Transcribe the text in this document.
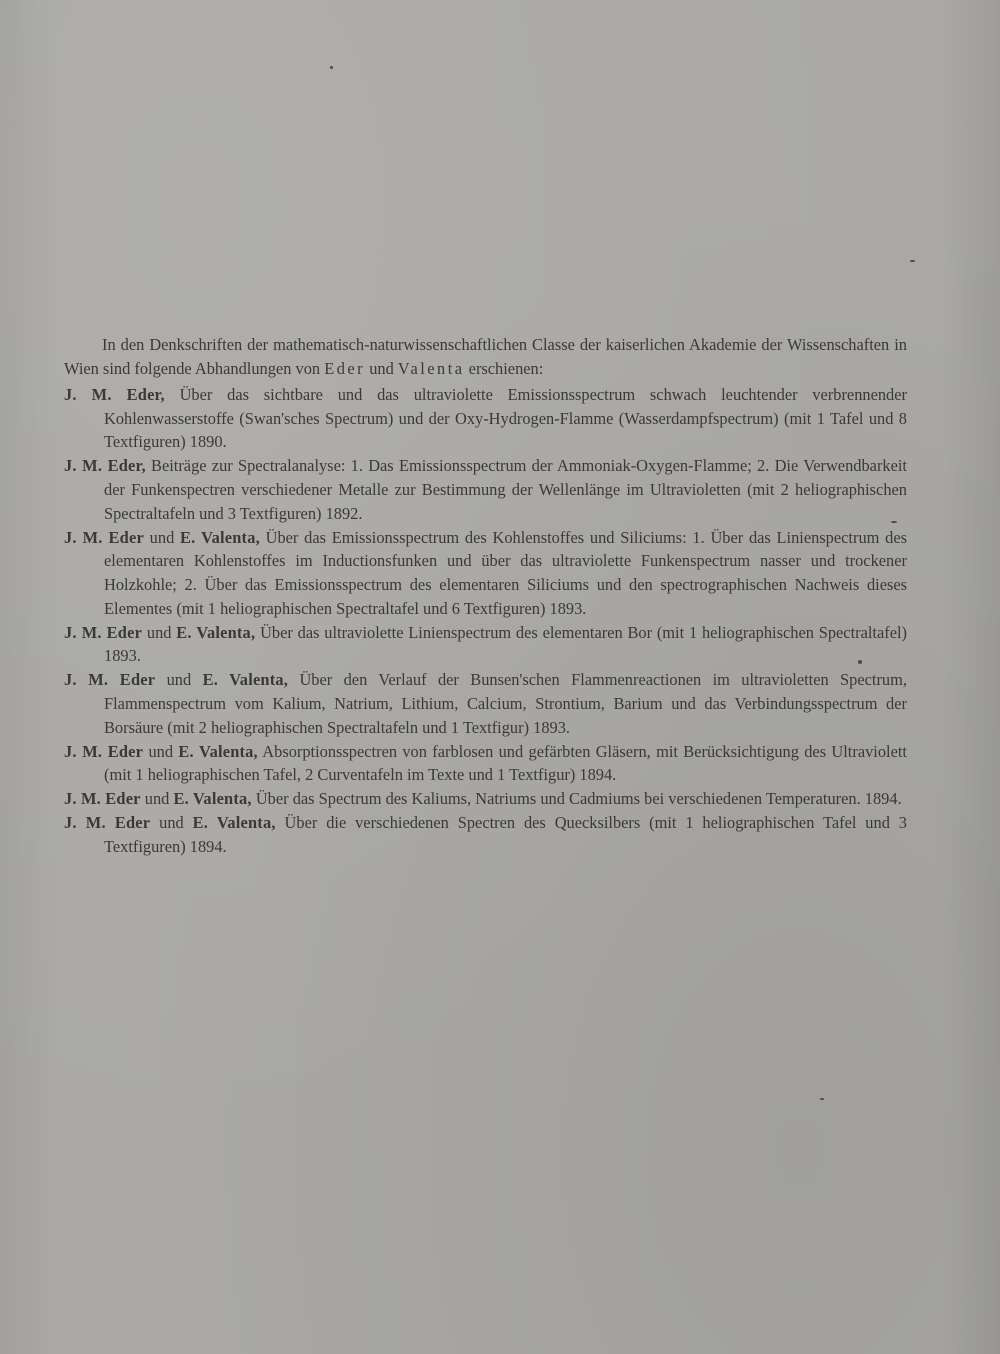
In den Denkschriften der mathematisch-naturwissenschaftlichen Classe der kaiserlichen Akademie der Wissenschaften in Wien sind folgende Abhandlungen von Eder und Valenta erschienen:

J. M. Eder, Über das sichtbare und das ultraviolette Emissionsspectrum schwach leuchtender verbrennender Kohlenwasserstoffe (Swan'sches Spectrum) und der Oxy-Hydrogen-Flamme (Wasserdampfspectrum) (mit 1 Tafel und 8 Textfiguren) 1890.
J. M. Eder, Beiträge zur Spectralanalyse: 1. Das Emissionsspectrum der Ammoniak-Oxygen-Flamme; 2. Die Verwendbarkeit der Funkenspectren verschiedener Metalle zur Bestimmung der Wellenlänge im Ultravioletten (mit 2 heliographischen Spectraltafeln und 3 Textfiguren) 1892.
J. M. Eder und E. Valenta, Über das Emissionsspectrum des Kohlenstoffes und Siliciums: 1. Über das Linienspectrum des elementaren Kohlenstoffes im Inductionsfunken und über das ultraviolette Funkenspectrum nasser und trockener Holzkohle; 2. Über das Emissionsspectrum des elementaren Siliciums und den spectrographischen Nachweis dieses Elementes (mit 1 heliographischen Spectraltafel und 6 Textfiguren) 1893.
J. M. Eder und E. Valenta, Über das ultraviolette Linienspectrum des elementaren Bor (mit 1 heliographischen Spectraltafel) 1893.
J. M. Eder und E. Valenta, Über den Verlauf der Bunsen'schen Flammenreactionen im ultravioletten Spectrum, Flammenspectrum vom Kalium, Natrium, Lithium, Calcium, Strontium, Barium und das Verbindungsspectrum der Borsäure (mit 2 heliographischen Spectraltafeln und 1 Textfigur) 1893.
J. M. Eder und E. Valenta, Absorptionsspectren von farblosen und gefärbten Gläsern, mit Berücksichtigung des Ultraviolett (mit 1 heliographischen Tafel, 2 Curventafeln im Texte und 1 Textfigur) 1894.
J. M. Eder und E. Valenta, Über das Spectrum des Kaliums, Natriums und Cadmiums bei verschiedenen Temperaturen. 1894.
J. M. Eder und E. Valenta, Über die verschiedenen Spectren des Quecksilbers (mit 1 heliographischen Tafel und 3 Textfiguren) 1894.
